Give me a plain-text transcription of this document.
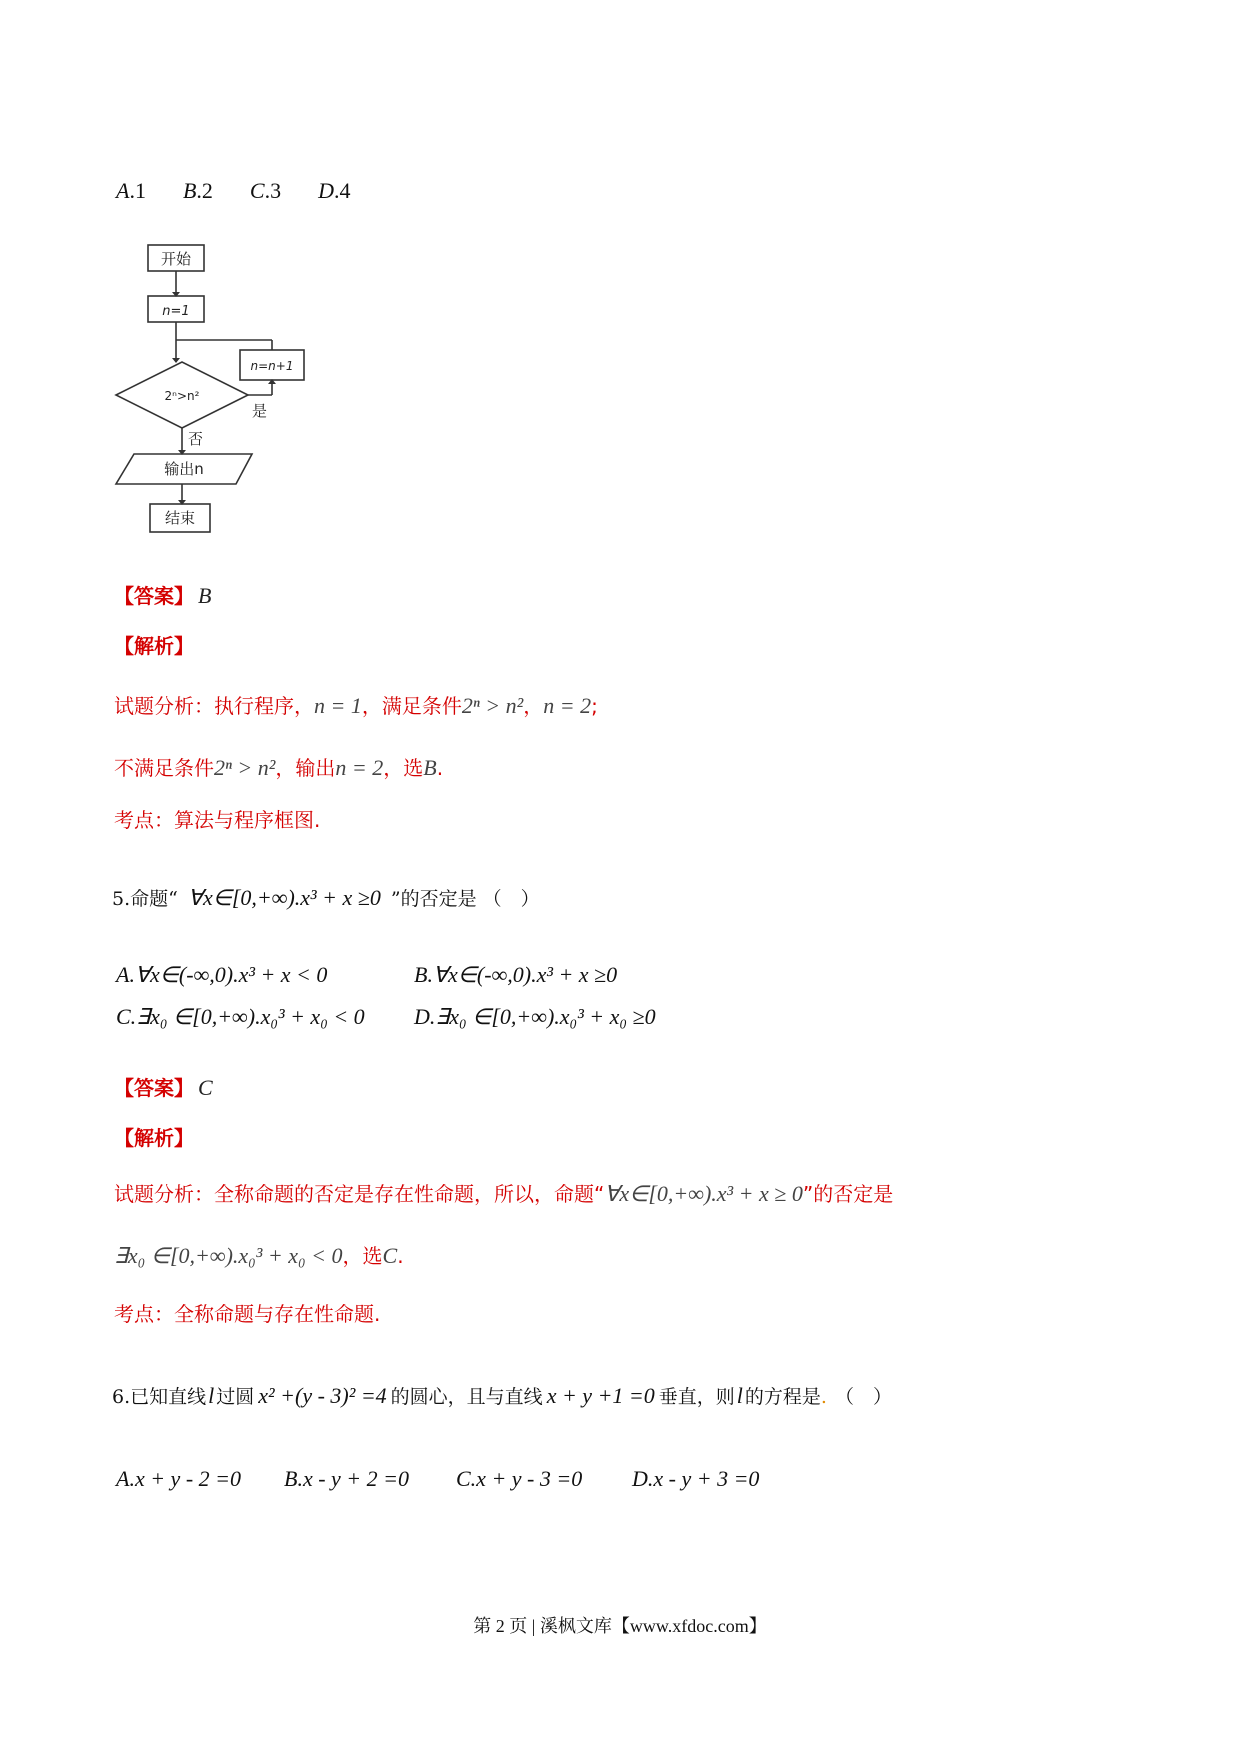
A.1 B.2 C.3 D.4
开始
n=1
n=n+1
2ⁿ>n²
是
否
输出n
结束
【答案】 B
【解析】
试题分析：执行程序，n = 1，满足条件2ⁿ > n²，n = 2;
不满足条件2ⁿ > n²，输出n = 2，选B.
考点：算法与程序框图.
5.命题“ ∀x∈[0,+∞).x³ + x ≥0 ”的否定是 （　）
A.∀x∈(-∞,0).x³ + x < 0	B.∀x∈(-∞,0).x³ + x ≥0
C.∃x₀ ∈[0,+∞).x₀³ + x₀ < 0 D.∃x₀ ∈[0,+∞).x₀³ + x₀ ≥0
【答案】 C
【解析】
试题分析：全称命题的否定是存在性命题，所以，命题“∀x∈[0,+∞).x³ + x ≥ 0”的否定是
∃x₀ ∈[0,+∞).x₀³ + x₀ < 0，选C.
考点：全称命题与存在性命题.
6.已知直线l 过圆 x² +(y - 3)² =4 的圆心，且与直线 x + y +1 =0 垂直，则l 的方程是. （　）
A.x + y - 2 =0 B.x - y + 2 =0 C.x + y - 3 =0 D.x - y + 3 =0
第 2 页 | 溪枫文库【www.xfdoc.com】
